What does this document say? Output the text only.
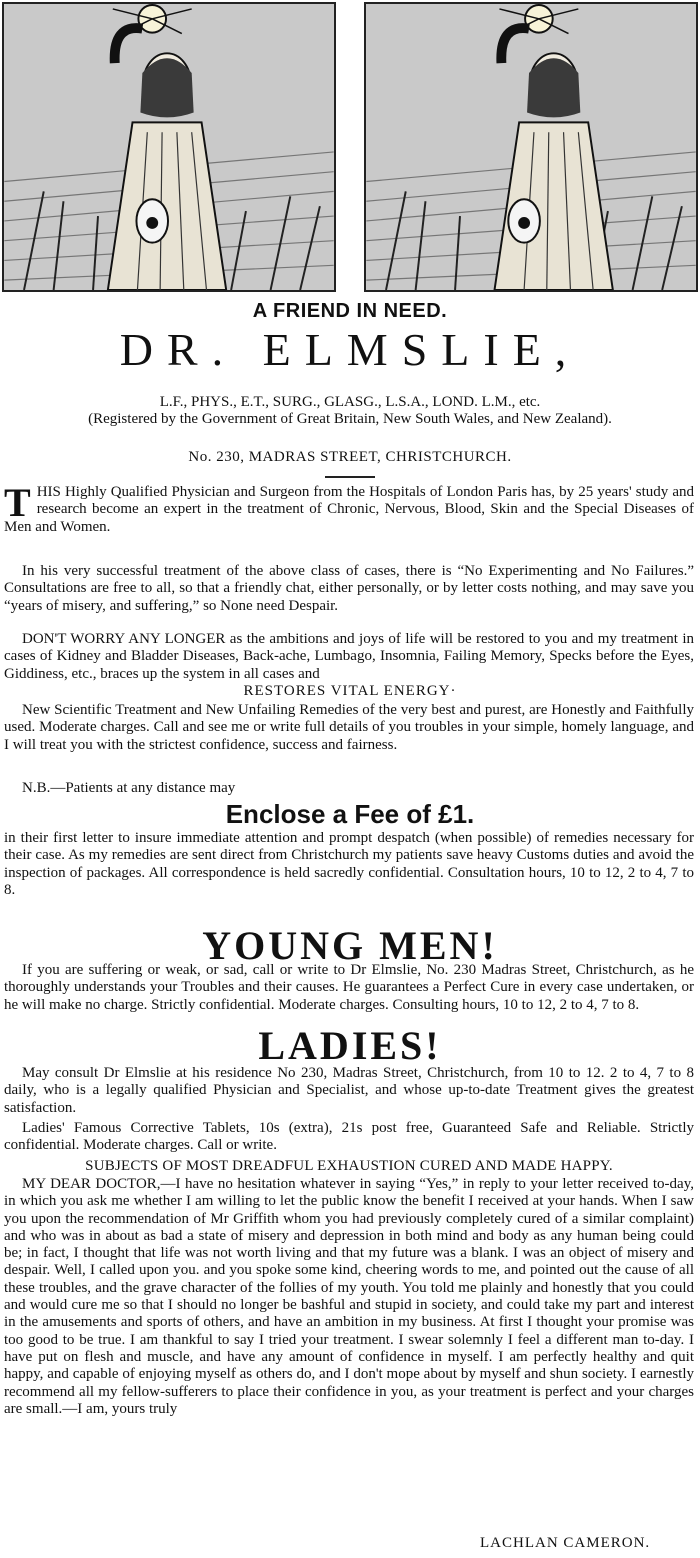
A FRIEND IN NEED.
DR. ELMSLIE,
L.F., PHYS., E.T., SURG., GLASG., L.S.A., LOND. L.M., etc.
(Registered by the Government of Great Britain, New South Wales, and New Zealand).
No. 230, MADRAS STREET, CHRISTCHURCH.
THIS Highly Qualified Physician and Surgeon from the Hospitals of London Paris has, by 25 years' study and research become an expert in the treatment of Chronic, Nervous, Blood, Skin and the Special Diseases of Men and Women.
In his very successful treatment of the above class of cases, there is “No Experimenting and No Failures.” Consultations are free to all, so that a friendly chat, either personally, or by letter costs nothing, and may save you “years of misery, and suffering,” so None need Despair.
DON'T WORRY ANY LONGER as the ambitions and joys of life will be restored to you and my treatment in cases of Kidney and Bladder Diseases, Back-ache, Lumbago, Insomnia, Failing Memory, Specks before the Eyes, Giddiness, etc., braces up the system in all cases and
RESTORES VITAL ENERGY·
New Scientific Treatment and New Unfailing Remedies of the very best and purest, are Honestly and Faithfully used. Moderate charges. Call and see me or write full details of you troubles in your simple, homely language, and I will treat you with the strictest confidence, success and fairness.
N.B.—Patients at any distance may
Enclose a Fee of £1.
in their first letter to insure immediate attention and prompt despatch (when possible) of remedies necessary for their case. As my remedies are sent direct from Christchurch my patients save heavy Customs duties and avoid the inspection of packages. All correspondence is held sacredly confidential. Consultation hours, 10 to 12, 2 to 4, 7 to 8.
YOUNG MEN!
If you are suffering or weak, or sad, call or write to Dr Elmslie, No. 230 Madras Street, Christchurch, as he thoroughly understands your Troubles and their causes. He guarantees a Perfect Cure in every case undertaken, or he will make no charge. Strictly confidential. Moderate charges. Consulting hours, 10 to 12, 2 to 4, 7 to 8.
LADIES!
May consult Dr Elmslie at his residence No 230, Madras Street, Christchurch, from 10 to 12. 2 to 4, 7 to 8 daily, who is a legally qualified Physician and Specialist, and whose up-to-date Treatment gives the greatest satisfaction.
Ladies' Famous Corrective Tablets, 10s (extra), 21s post free, Guaranteed Safe and Reliable. Strictly confidential. Moderate charges. Call or write.
SUBJECTS OF MOST DREADFUL EXHAUSTION CURED AND MADE HAPPY.
MY DEAR DOCTOR,—I have no hesitation whatever in saying “Yes,” in reply to your letter received to-day, in which you ask me whether I am willing to let the public know the benefit I received at your hands. When I saw you upon the recommendation of Mr Griffith whom you had previously completely cured of a similar complaint) and who was in about as bad a state of misery and depression in both mind and body as any human being could be; in fact, I thought that life was not worth living and that my future was a blank. I was an object of misery and despair. Well, I called upon you. and you spoke some kind, cheering words to me, and pointed out the cause of all these troubles, and the grave character of the follies of my youth. You told me plainly and honestly that you could and would cure me so that I should no longer be bashful and stupid in society, and could take my part and interest in the amusements and sports of others, and have an ambition in my business. At first I thought your promise was too good to be true. I am thankful to say I tried your treatment. I swear solemnly I feel a different man to-day. I have put on flesh and muscle, and have any amount of confidence in myself. I am perfectly healthy and quit happy, and capable of enjoying myself as others do, and I don't mope about by myself and shun society. I earnestly recommend all my fellow-sufferers to place their confidence in you, as your treatment is perfect and your charges are small.—I am, yours truly
LACHLAN CAMERON.
